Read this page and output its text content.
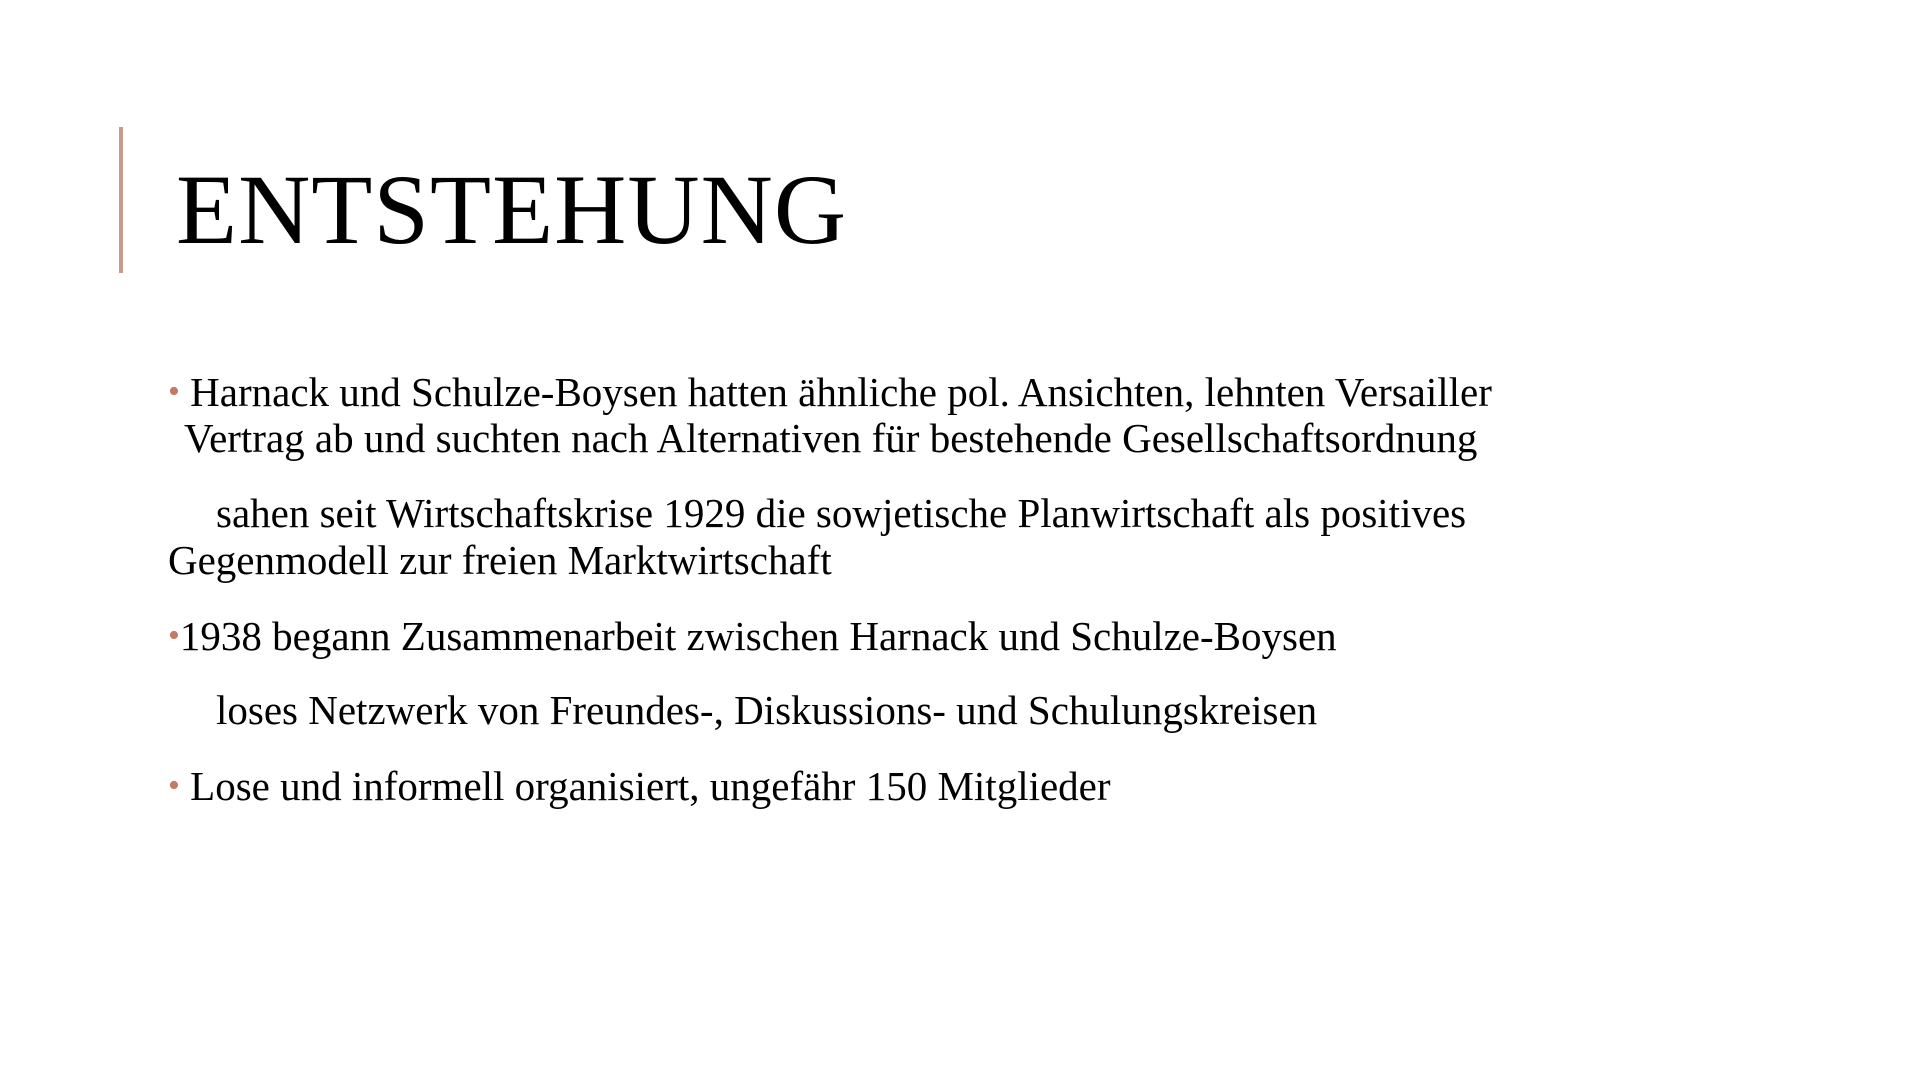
ENTSTEHUNG
• Harnack und Schulze-Boysen hatten ähnliche pol. Ansichten, lehnten Versailler
Vertrag ab und suchten nach Alternativen für bestehende Gesellschaftsordnung
sahen seit Wirtschaftskrise 1929 die sowjetische Planwirtschaft als positives
Gegenmodell zur freien Marktwirtschaft
•1938 begann Zusammenarbeit zwischen Harnack und Schulze-Boysen
loses Netzwerk von Freundes-, Diskussions- und Schulungskreisen
• Lose und informell organisiert, ungefähr 150 Mitglieder
